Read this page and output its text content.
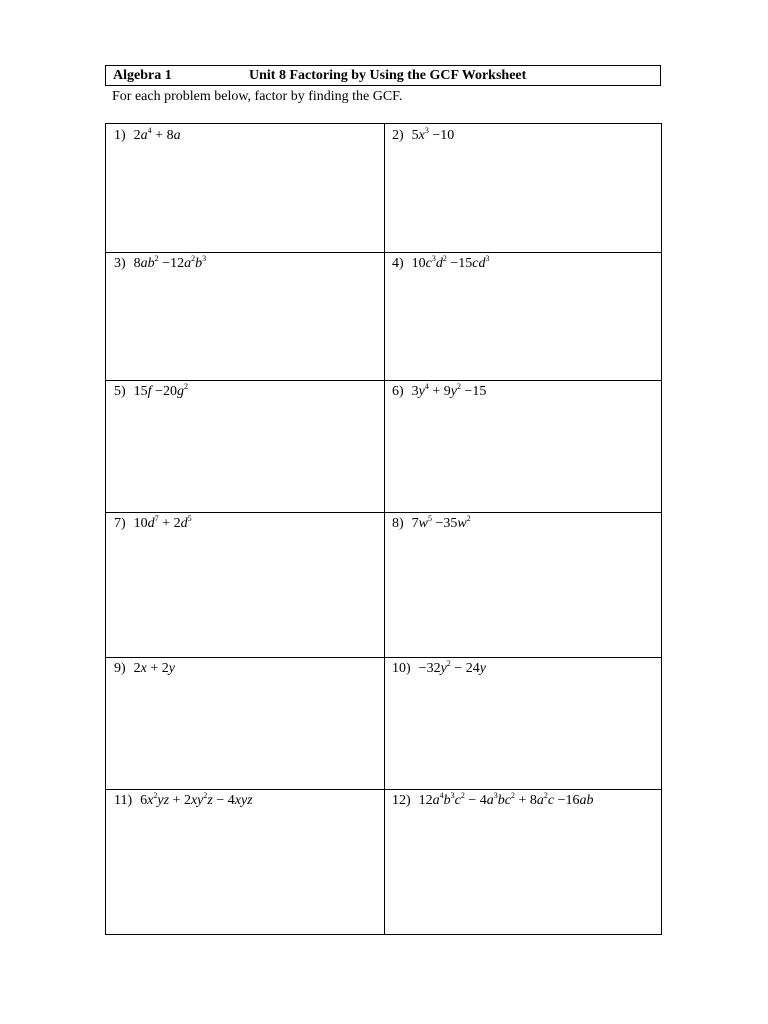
Algebra 1	Unit 8 Factoring by Using the GCF Worksheet
For each problem below, factor by finding the GCF.
1) $2a^4 + 8a$	2) $5x^3 -10$
3) $8ab^2 -12a^2b^3$	4) $10c^3d^2 -15cd^3$
5) $15f -20g^2$	6) $3y^4 + 9y^2 -15$
7) $10d^7 + 2d^5$	8) $7w^5 -35w^2$
9) 2x + 2y	$10) -32y^2 - 24y$
11) $6x^2yz + 2xy^2z - 4xyz$	12) $12a^4b^3c^2 - 4a^3bc^2 + 8a^2c -16ab$
